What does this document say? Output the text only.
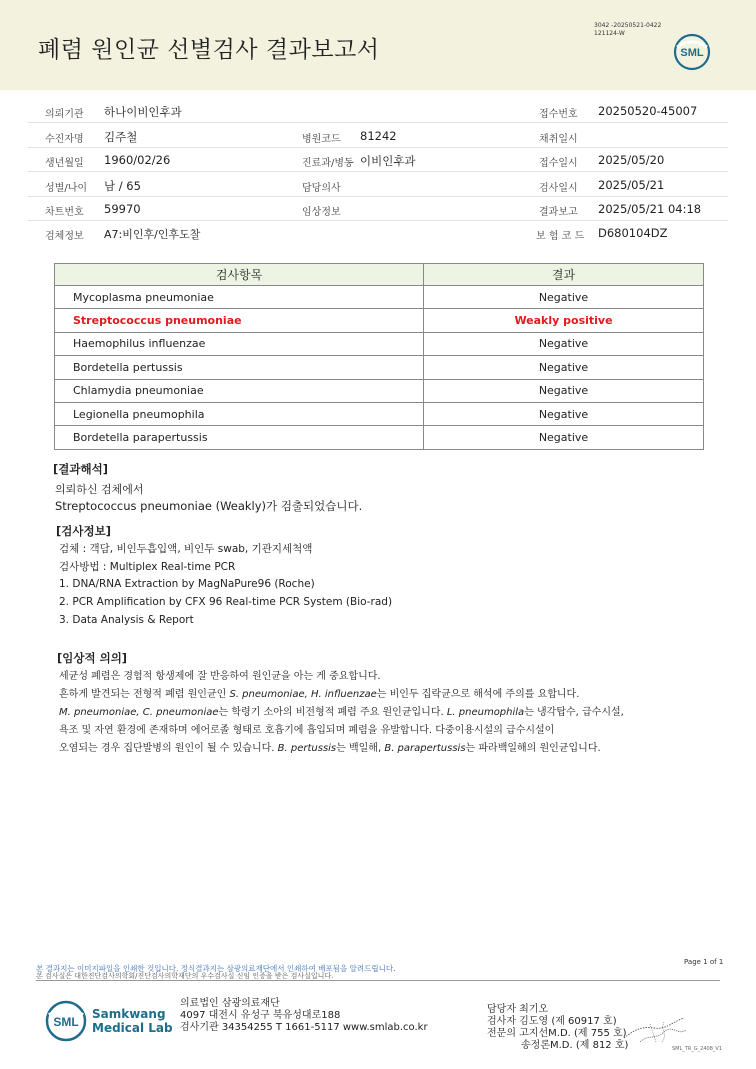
폐렴 원인균 선별검사 결과보고서
3042 -20250521-0422
121124-W
SML
의뢰기관 하나이비인후과	접수번호 20250520-45007
수진자명 김주철	병원코드 81242	채취일시
생년월일 1960/02/26	진료과/병동 이비인후과	접수일시 2025/05/20
성별/나이 남 / 65	담당의사	검사일시 2025/05/21
차트번호 59970	임상정보	결과보고 2025/05/21 04:18
검체정보 A7:비인후/인후도찰	보 험 코 드 D680104DZ
검사항목	결과
Mycoplasma pneumoniae	Negative
Streptococcus pneumoniae	Weakly positive
Haemophilus influenzae	Negative
Bordetella pertussis	Negative
Chlamydia pneumoniae	Negative
Legionella pneumophila	Negative
Bordetella parapertussis	Negative
[결과해석]
의뢰하신 검체에서
Streptococcus pneumoniae (Weakly)가 검출되었습니다.
[검사정보]
검체 : 객담, 비인두흡입액, 비인두 swab, 기관지세척액
검사방법 : Multiplex Real-time PCR
1. DNA/RNA Extraction by MagNaPure96 (Roche)
2. PCR Amplification by CFX 96 Real-time PCR System (Bio-rad)
3. Data Analysis & Report
[임상적 의의]
세균성 폐렴은 경험적 항생제에 잘 반응하여 원인균을 아는 게 중요합니다.
흔하게 발견되는 전형적 폐렴 원인균인 S. pneumoniae, H. influenzae는 비인두 집락균으로 해석에 주의를 요합니다.
M. pneumoniae, C. pneumoniae는 학령기 소아의 비전형적 폐렴 주요 원인균입니다. L. pneumophila는 냉각탑수, 급수시설,
욕조 및 자연 환경에 존재하며 에어로졸 형태로 호흡기에 흡입되며 폐렴을 유발합니다. 다중이용시설의 급수시설이
오염되는 경우 집단발병의 원인이 될 수 있습니다. B. pertussis는 백일해, B. parapertussis는 파라백일해의 원인균입니다.
Page 1 of 1
본 결과지는 이미지파일을 인쇄한 것입니다. 정식결과지는 삼광의료재단에서 인쇄하여 배포됨을 알려드립니다.
본 검사실은 대한진단검사의학회/진단검사의학재단의 우수검사실 신임 인증을 받은 검사실입니다.
SML
Samkwang
Medical Lab
의료법인 삼광의료재단
4097 대전시 유성구 북유성대로188
검사기관 34354255 T 1661-5117 www.smlab.co.kr
담당자 최기오
검사자 김도영 (제 60917 호)
전문의 고지선M.D. (제 755 호)
송정론M.D. (제 812 호)	SML_TR_G_2408_V1
